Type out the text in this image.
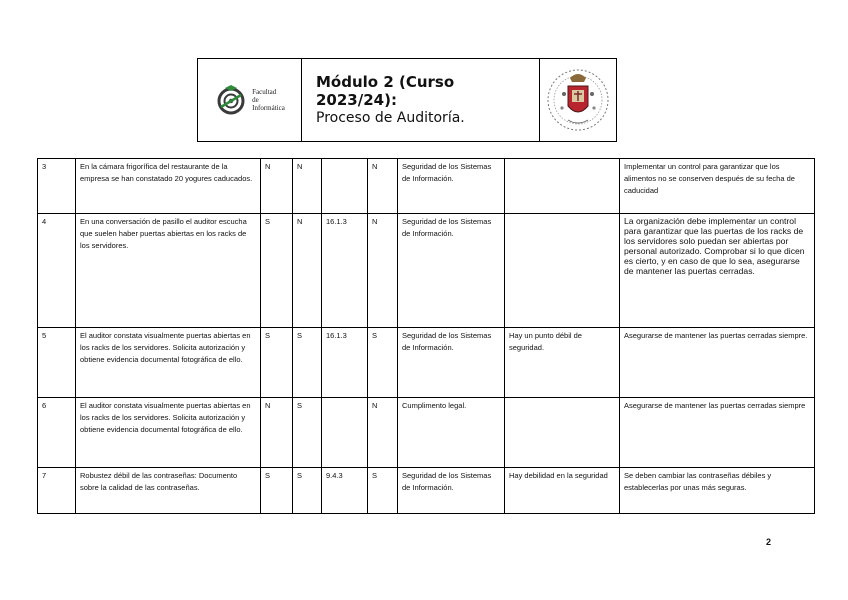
Facultad
de
Informática
Módulo 2 (Curso 2023/24):
Proceso de Auditoría.
3	En la cámara frigorífica del restaurante de la empresa se han constatado 20 yogures caducados.	N	N		N	Seguridad de los Sistemas de Información.		Implementar un control para garantizar que los alimentos no se conserven después de su fecha de caducidad
4	En una conversación de pasillo el auditor escucha que suelen haber puertas abiertas en los racks de los servidores.	S	N	16.1.3	N	Seguridad de los Sistemas de Información.		La organización debe implementar un control para garantizar que las puertas de los racks de los servidores solo puedan ser abiertas por personal autorizado. Comprobar si lo que dicen es cierto, y en caso de que lo sea, asegurarse de mantener las puertas cerradas.
5	El auditor constata visualmente puertas abiertas en los racks de los servidores. Solicita autorización y obtiene evidencia documental fotográfica de ello.	S	S	16.1.3	S	Seguridad de los Sistemas de Información.	Hay un punto débil de seguridad.	Asegurarse de mantener las puertas cerradas siempre.
6	El auditor constata visualmente puertas abiertas en los racks de los servidores. Solicita autorización y obtiene evidencia documental fotográfica de ello.	N	S		N	Cumplimento legal.		Asegurarse de mantener las puertas cerradas siempre
7	Robustez débil de las contraseñas: Documento sobre la calidad de las contraseñas.	S	S	9.4.3	S	Seguridad de los Sistemas de Información.	Hay debilidad en la seguridad	Se deben cambiar las contraseñas débiles y establecerlas por unas más seguras.
2
